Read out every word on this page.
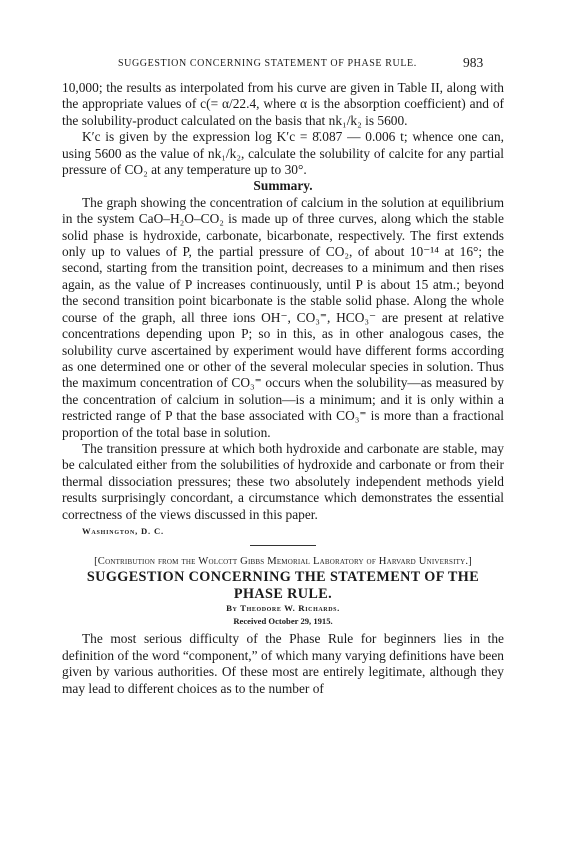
SUGGESTION CONCERNING STATEMENT OF PHASE RULE.	983

10,000; the results as interpolated from his curve are given in Table II, along with the appropriate values of c(= α/22.4, where α is the absorption coefficient) and of the solubility-product calculated on the basis that nk₁/k₂ is 5600.

K′c is given by the expression log K′c = 8̄.087 — 0.006 t; whence one can, using 5600 as the value of nk₁/k₂, calculate the solubility of calcite for any partial pressure of CO₂ at any temperature up to 30°.

Summary.

The graph showing the concentration of calcium in the solution at equilibrium in the system CaO–H₂O–CO₂ is made up of three curves, along which the stable solid phase is hydroxide, carbonate, bicarbonate, respectively. The first extends only up to values of P, the partial pressure of CO₂, of about 10⁻¹⁴ at 16°; the second, starting from the transition point, decreases to a minimum and then rises again, as the value of P increases continuously, until P is about 15 atm.; beyond the second transition point bicarbonate is the stable solid phase. Along the whole course of the graph, all three ions OH⁻, CO₃⁼, HCO₃⁻ are present at relative concentrations depending upon P; so in this, as in other analogous cases, the solubility curve ascertained by experiment would have different forms according as one determined one or other of the several molecular species in solution. Thus the maximum concentration of CO₃⁼ occurs when the solubility—as measured by the concentration of calcium in solution—is a minimum; and it is only within a restricted range of P that the base associated with CO₃⁼ is more than a fractional proportion of the total base in solution.

The transition pressure at which both hydroxide and carbonate are stable, may be calculated either from the solubilities of hydroxide and carbonate or from their thermal dissociation pressures; these two absolutely independent methods yield results surprisingly concordant, a circumstance which demonstrates the essential correctness of the views discussed in this paper.

Washington, D. C.

[Contribution from the Wolcott Gibbs Memorial Laboratory of Harvard University.]

SUGGESTION CONCERNING THE STATEMENT OF THE PHASE RULE.

By Theodore W. Richards.

Received October 29, 1915.

The most serious difficulty of the Phase Rule for beginners lies in the definition of the word “component,” of which many varying definitions have been given by various authorities. Of these most are entirely legitimate, although they may lead to different choices as to the number of
